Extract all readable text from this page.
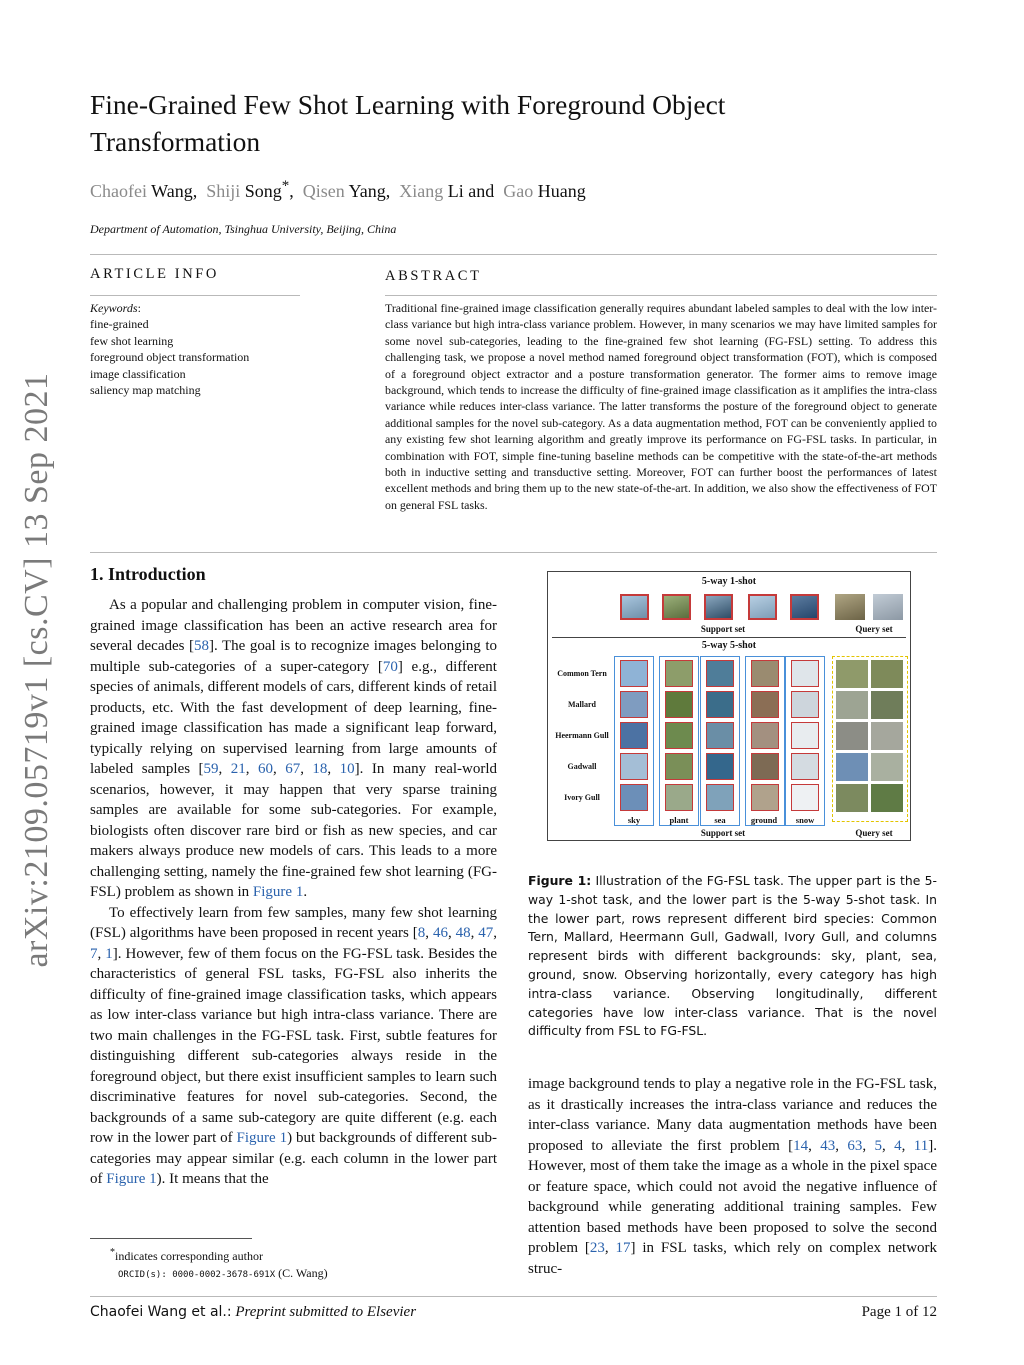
arXiv:2109.05719v1 [cs.CV] 13 Sep 2021
Fine-Grained Few Shot Learning with Foreground Object Transformation
Chaofei Wang,  Shiji Song*,  Qisen Yang,  Xiang Li and  Gao Huang
Department of Automation, Tsinghua University, Beijing, China
ARTICLE INFO
Keywords:
fine-grained
few shot learning
foreground object transformation
image classification
saliency map matching
ABSTRACT
Traditional fine-grained image classification generally requires abundant labeled samples to deal with the low inter-class variance but high intra-class variance problem. However, in many scenarios we may have limited samples for some novel sub-categories, leading to the fine-grained few shot learning (FG-FSL) setting. To address this challenging task, we propose a novel method named foreground object transformation (FOT), which is composed of a foreground object extractor and a posture transformation generator. The former aims to remove image background, which tends to increase the difficulty of fine-grained image classification as it amplifies the intra-class variance while reduces inter-class variance. The latter transforms the posture of the foreground object to generate additional samples for the novel sub-category. As a data augmentation method, FOT can be conveniently applied to any existing few shot learning algorithm and greatly improve its performance on FG-FSL tasks. In particular, in combination with FOT, simple fine-tuning baseline methods can be competitive with the state-of-the-art methods both in inductive setting and transductive setting. Moreover, FOT can further boost the performances of latest excellent methods and bring them up to the new state-of-the-art. In addition, we also show the effectiveness of FOT on general FSL tasks.
1. Introduction

As a popular and challenging problem in computer vision, fine-grained image classification has been an active research area for several decades [58]. The goal is to recognize images belonging to multiple sub-categories of a super-category [70] e.g., different species of animals, different models of cars, different kinds of retail products, etc. With the fast development of deep learning, fine-grained image classification has made a significant leap forward, typically relying on supervised learning from large amounts of labeled samples [59, 21, 60, 67, 18, 10]. In many real-world scenarios, however, it may happen that very sparse training samples are available for some sub-categories. For example, biologists often discover rare bird or fish as new species, and car makers always produce new models of cars. This leads to a more challenging setting, namely the fine-grained few shot learning (FG-FSL) problem as shown in Figure 1.

To effectively learn from few samples, many few shot learning (FSL) algorithms have been proposed in recent years [8, 46, 48, 47, 7, 1]. However, few of them focus on the FG-FSL task. Besides the characteristics of general FSL tasks, FG-FSL also inherits the difficulty of fine-grained image classification tasks, which appears as low inter-class variance but high intra-class variance. There are two main challenges in the FG-FSL task. First, subtle features for distinguishing different sub-categories always reside in the foreground object, but there exist insufficient samples to learn such discriminative features for novel sub-categories. Second, the backgrounds of a same sub-category are quite different (e.g. each row in the lower part of Figure 1) but backgrounds of different sub-categories may appear similar (e.g. each column in the lower part of Figure 1). It means that the

5-way 1-shot
Support set	Query set
5-way 5-shot
Common Tern
Mallard
Heermann Gull
Gadwall
Ivory Gull
sky	plant	sea	ground	snow
Support set	Query set
Figure 1: Illustration of the FG-FSL task. The upper part is the 5-way 1-shot task, and the lower part is the 5-way 5-shot task. In the lower part, rows represent different bird species: Common Tern, Mallard, Heermann Gull, Gadwall, Ivory Gull, and columns represent birds with different backgrounds: sky, plant, sea, ground, snow. Observing horizontally, every category has high intra-class variance. Observing longitudinally, different categories have low inter-class variance. That is the novel difficulty from FSL to FG-FSL.

image background tends to play a negative role in the FG-FSL task, as it drastically increases the intra-class variance and reduces the inter-class variance. Many data augmentation methods have been proposed to alleviate the first problem [14, 43, 63, 5, 4, 11]. However, most of them take the image as a whole in the pixel space or feature space, which could not avoid the negative influence of background while generating additional training samples. Few attention based methods have been proposed to solve the second problem [23, 17] in FSL tasks, which rely on complex network struc-

*indicates corresponding author
ORCID(s): 0000-0002-3678-691X (C. Wang)
Chaofei Wang et al.: Preprint submitted to Elsevier	Page 1 of 12
